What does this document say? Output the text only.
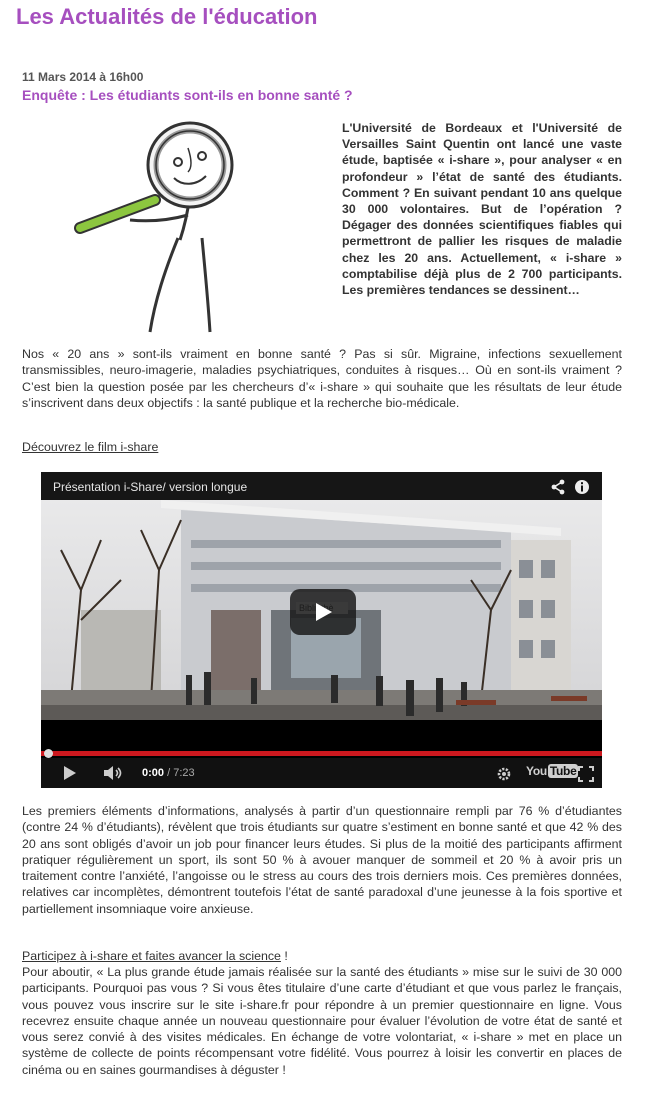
Les Actualités de l'éducation
11 Mars 2014 à 16h00
Enquête : Les étudiants sont-ils en bonne santé ?

L'Université de Bordeaux et l'Université de Versailles Saint Quentin ont lancé une vaste étude, baptisée « i-share », pour analyser « en profondeur » l’état de santé des étudiants. Comment ? En suivant pendant 10 ans quelque 30 000 volontaires. But de l’opération ? Dégager des données scientifiques fiables qui permettront de pallier les risques de maladie chez les 20 ans. Actuellement, « i-share » comptabilise déjà plus de 2 700 participants. Les premières tendances se dessinent…

Nos « 20 ans » sont-ils vraiment en bonne santé ? Pas si sûr. Migraine, infections sexuellement transmissibles, neuro-imagerie, maladies psychiatriques, conduites à risques… Où en sont-ils vraiment ? C’est bien la question posée par les chercheurs d’« i-share » qui souhaite que les résultats de leur étude s’inscrivent dans deux objectifs : la santé publique et la recherche bio-médicale.

Découvrez le film i-share
Présentation i-Share/ version longue
0:00 / 7:23	You Tube

Les premiers éléments d’informations, analysés à partir d’un questionnaire rempli par 76 % d’étudiantes (contre 24 % d’étudiants), révèlent que trois étudiants sur quatre s’estiment en bonne santé et que 42 % des 20 ans sont obligés d’avoir un job pour financer leurs études. Si plus de la moitié des participants affirment pratiquer régulièrement un sport, ils sont 50 % à avouer manquer de sommeil et 20 % à avoir pris un traitement contre l’anxiété, l’angoisse ou le stress au cours des trois derniers mois. Ces premières données, relatives car incomplètes, démontrent toutefois l’état de santé paradoxal d’une jeunesse à la fois sportive et partiellement insomniaque voire anxieuse.

Participez à i-share et faites avancer la science !

Pour aboutir, « La plus grande étude jamais réalisée sur la santé des étudiants » mise sur le suivi de 30 000 participants. Pourquoi pas vous ? Si vous êtes titulaire d’une carte d’étudiant et que vous parlez le français, vous pouvez vous inscrire sur le site i-share.fr pour répondre à un premier questionnaire en ligne. Vous recevrez ensuite chaque année un nouveau questionnaire pour évaluer l’évolution de votre état de santé et vous serez convié à des visites médicales. En échange de votre volontariat, « i-share » met en place un système de collecte de points récompensant votre fidélité. Vous pourrez à loisir les convertir en places de cinéma ou en saines gourmandises à déguster !
